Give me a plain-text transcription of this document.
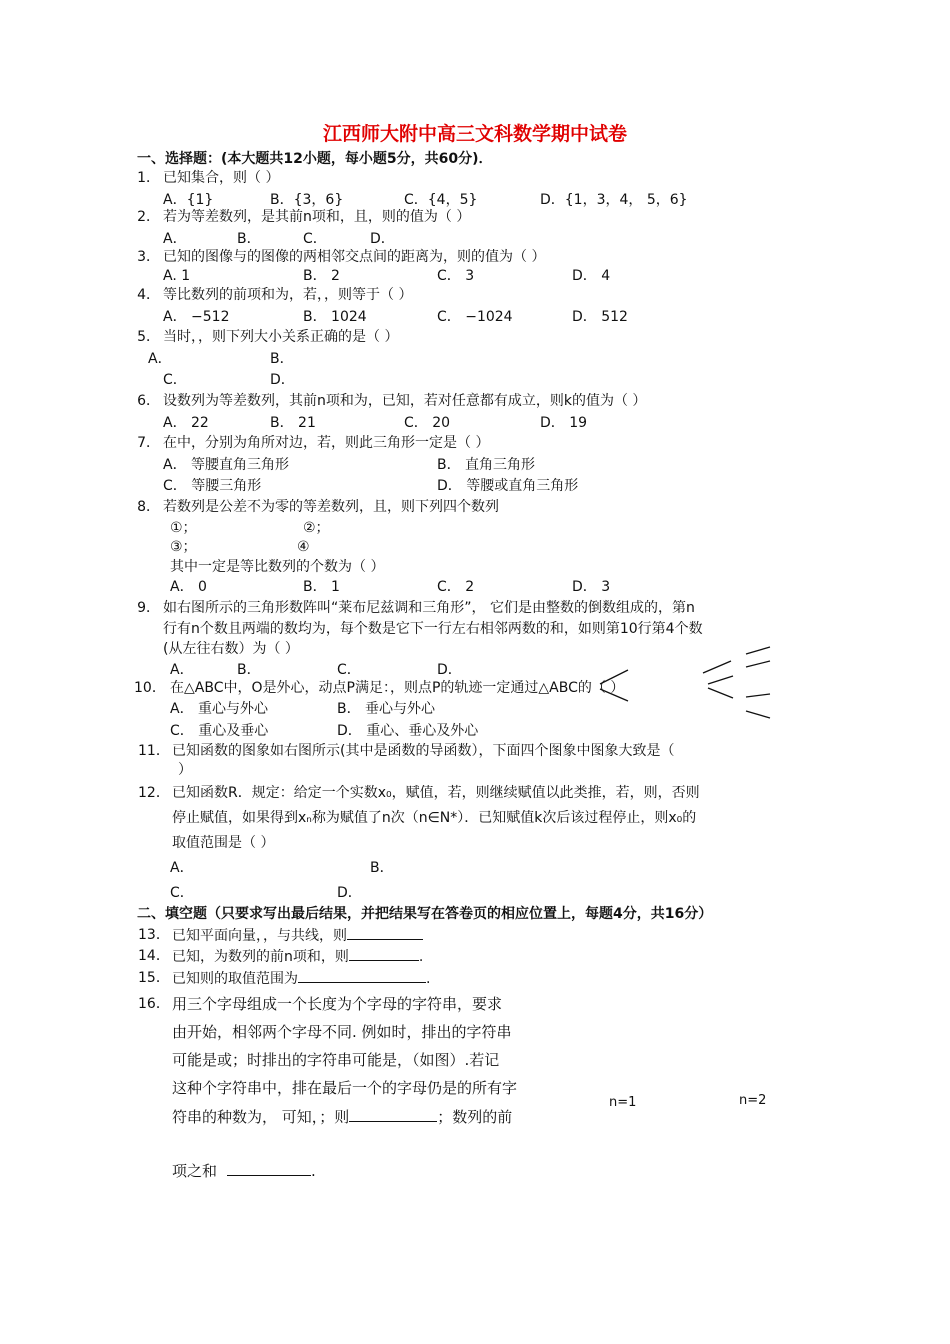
江西师大附中高三文科数学期中试卷
一、选择题：(本大题共12小题，每小题5分，共60分)．
1． 已知集合，则（ ）
A．{1}	B．{3，6}	C．{4，5}	D．{1，3，4， 5，6}
2． 若为等差数列，是其前n项和，且，则的值为（ ）
A．	B．	C．	D．
3． 已知的图像与的图像的两相邻交点间的距离为，则的值为（ ）
A. 1	B． 2	C． 3	D． 4
4． 等比数列的前项和为，若，，则等于（ ）
A． −512	B． 1024	C． −1024	D． 512
5． 当时，，则下列大小关系正确的是（ ）
A．	B．
C．	D．
6． 设数列为等差数列，其前n项和为，已知，若对任意都有成立，则k的值为（ ）
A． 22	B． 21	C． 20	D． 19
7． 在中，分别为角所对边，若，则此三角形一定是（ ）
A． 等腰直角三角形	B． 直角三角形
C． 等腰三角形	D． 等腰或直角三角形
8． 若数列是公差不为零的等差数列，且，则下列四个数列
①；	②；
③；	④
其中一定是等比数列的个数为（ ）
A． 0	B． 1	C． 2	D． 3
9． 如右图所示的三角形数阵叫“莱布尼兹调和三角形”， 它们是由整数的倒数组成的，第n
行有n个数且两端的数均为，每个数是它下一行左右相邻两数的和，如则第10行第4个数
(从左往右数）为（ ）
A．	B．	C．	D．
10． 在△ABC中，O是外心，动点P满足：，则点P的轨迹一定通过△ABC的（ ）
A． 重心与外心	B． 垂心与外心
C． 重心及垂心	D． 重心、垂心及外心
11． 已知函数的图象如右图所示(其中是函数的导函数），下面四个图象中图象大致是（
）
12． 已知函数R．规定：给定一个实数x₀，赋值，若，则继续赋值以此类推，若，则，否则
停止赋值，如果得到xₙ称为赋值了n次（n∈N*）．已知赋值k次后该过程停止，则x₀的
取值范围是（ ）
A．	B．
C．	D．
二、填空题（只要求写出最后结果，并把结果写在答卷页的相应位置上，每题4分，共16分）
13． 已知平面向量，，与共线，则
14． 已知，为数列的前n项和，则	.
15． 已知则的取值范围为	.
16． 用三个字母组成一个长度为个字母的字符串，要求
由开始，相邻两个字母不同. 例如时，排出的字符串
可能是或；时排出的字符串可能是，（如图）.若记
这种个字符串中，排在最后一个的字母仍是的所有字
符串的种数为， 可知，；则	；数列的前
项之和	.
n=1	n=2
